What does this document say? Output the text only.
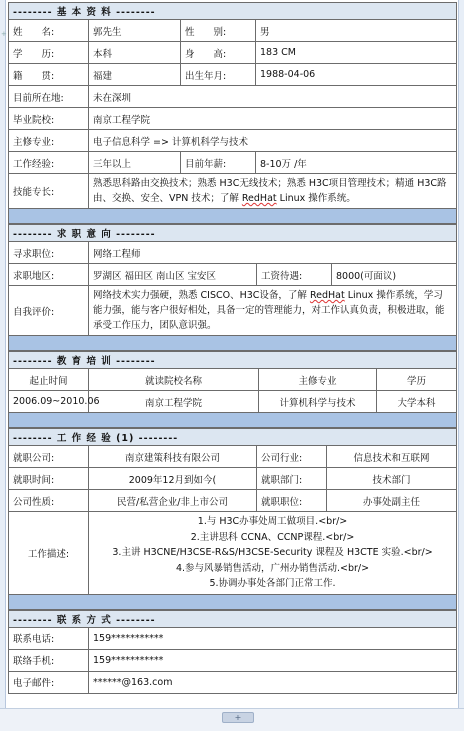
+
-------- 基 本 资 料 --------			
姓　　名:	郭先生	性　　别:	男
学　　历:	本科	身　　高:	183 CM
籍　　贯:	福建	出生年月:	1988-04-06
目前所在地:	未在深圳		
毕业院校:	南京工程学院		
主修专业:	电子信息科学 => 计算机科学与技术		
工作经验:	三年以上	目前年薪:	8-10万 /年
技能专长:	熟悉思科路由交换技术；熟悉 H3C无线技术；熟悉 H3C项目管理技术；精通 H3C路由、交换、安全、VPN 技术；了解 RedHat Linux 操作系统。		

-------- 求 职 意 向 --------			
寻求职位:	网络工程师		
求职地区:	罗湖区 福田区 南山区 宝安区	工资待遇:	8000(可面议)
自我评价:	网络技术实力强硬，熟悉 CISCO、H3C设备，了解 RedHat Linux 操作系统，学习能力强，能与客户很好相处，具备一定的管理能力，对工作认真负责，积极进取，能承受工作压力，团队意识强。		

-------- 教 育 培 训 --------			
起止时间	就读院校名称	主修专业	学历
2006.09~2010.06	南京工程学院	计算机科学与技术	大学本科

-------- 工 作 经 验 (1) --------			
就职公司:	南京建策科技有限公司	公司行业:	信息技术和互联网
就职时间:	2009年12月到如今(	就职部门:	技术部门
公司性质:	民营/私营企业/非上市公司	就职职位:	办事处副主任
工作描述:	1.与 H3C办事处周工做项目.<br/>
2.主讲思科 CCNA、CCNP课程.<br/>
3.主讲 H3CNE/H3CSE-R&S/H3CSE-Security 课程及 H3CTE 实验.<br/>
4.参与风暴销售活动，广州办销售活动.<br/>
5.协调办事处各部门正常工作.		

-------- 联 系 方 式 --------	
联系电话:	159***********
联络手机:	159***********
电子邮件:	******@163.com
+
